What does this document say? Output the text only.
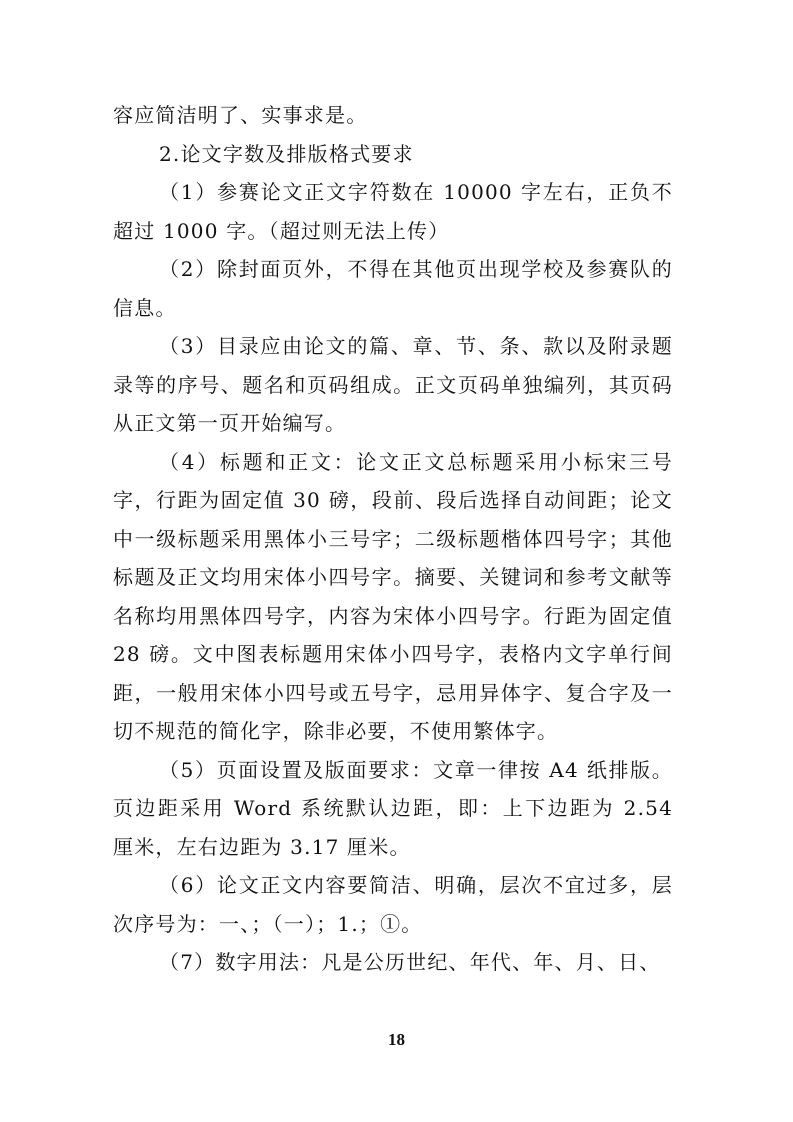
容应简洁明了、实事求是。

2.论文字数及排版格式要求

（1）参赛论文正文字符数在 10000 字左右，正负不超过 1000 字。（超过则无法上传）

（2）除封面页外，不得在其他页出现学校及参赛队的信息。

（3）目录应由论文的篇、章、节、条、款以及附录题录等的序号、题名和页码组成。正文页码单独编列，其页码从正文第一页开始编写。

（4）标题和正文：论文正文总标题采用小标宋三号字，行距为固定值 30 磅，段前、段后选择自动间距；论文中一级标题采用黑体小三号字；二级标题楷体四号字；其他标题及正文均用宋体小四号字。摘要、关键词和参考文献等名称均用黑体四号字，内容为宋体小四号字。行距为固定值 28 磅。文中图表标题用宋体小四号字，表格内文字单行间距，一般用宋体小四号或五号字，忌用异体字、复合字及一切不规范的简化字，除非必要，不使用繁体字。

（5）页面设置及版面要求：文章一律按 A4 纸排版。页边距采用 Word 系统默认边距，即：上下边距为 2.54 厘米，左右边距为 3.17 厘米。

（6）论文正文内容要简洁、明确，层次不宜过多，层次序号为：一、；（一）；1.；①。

（7）数字用法：凡是公历世纪、年代、年、月、日、

18
